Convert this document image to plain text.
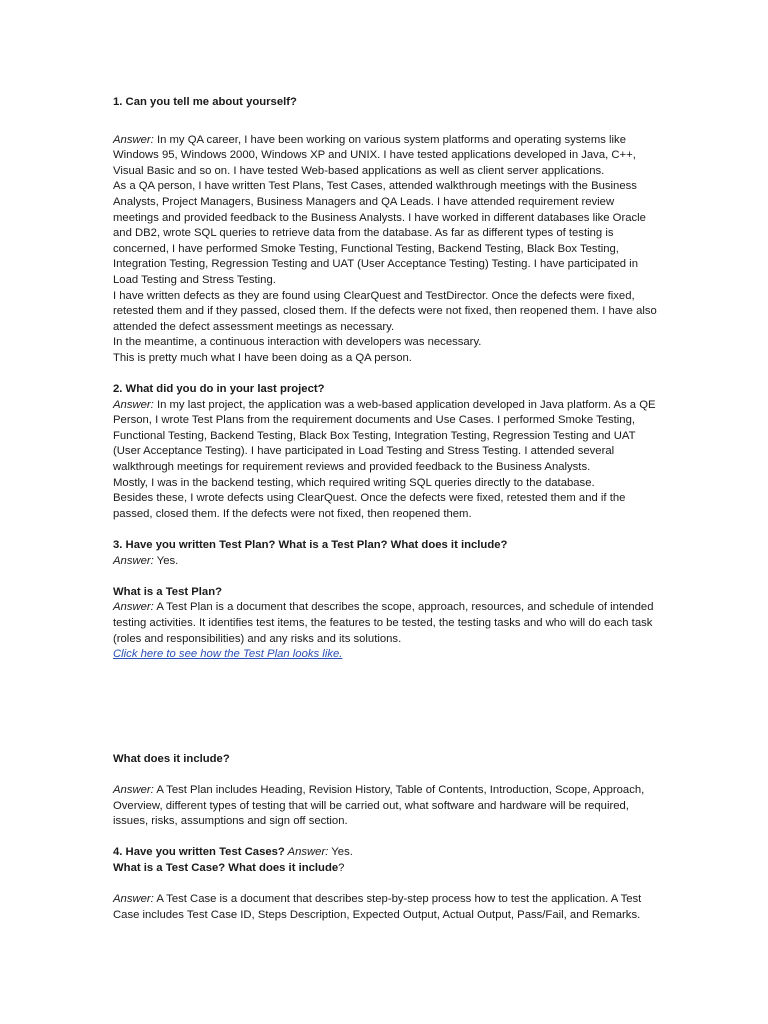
1. Can you tell me about yourself?

Answer: In my QA career, I have been working on various system platforms and operating systems like Windows 95, Windows 2000, Windows XP and UNIX. I have tested applications developed in Java, C++, Visual Basic and so on. I have tested Web-based applications as well as client server applications.

As a QA person, I have written Test Plans, Test Cases, attended walkthrough meetings with the Business Analysts, Project Managers, Business Managers and QA Leads. I have attended requirement review meetings and provided feedback to the Business Analysts. I have worked in different databases like Oracle and DB2, wrote SQL queries to retrieve data from the database. As far as different types of testing is concerned, I have performed Smoke Testing, Functional Testing, Backend Testing, Black Box Testing, Integration Testing, Regression Testing and UAT (User Acceptance Testing) Testing. I have participated in Load Testing and Stress Testing.

I have written defects as they are found using ClearQuest and TestDirector. Once the defects were fixed, retested them and if they passed, closed them. If the defects were not fixed, then reopened them. I have also attended the defect assessment meetings as necessary.

In the meantime, a continuous interaction with developers was necessary.

This is pretty much what I have been doing as a QA person.

2. What did you do in your last project?

Answer: In my last project, the application was a web-based application developed in Java platform. As a QE Person, I wrote Test Plans from the requirement documents and Use Cases. I performed Smoke Testing, Functional Testing, Backend Testing, Black Box Testing, Integration Testing, Regression Testing and UAT (User Acceptance Testing). I have participated in Load Testing and Stress Testing. I attended several walkthrough meetings for requirement reviews and provided feedback to the Business Analysts.

Mostly, I was in the backend testing, which required writing SQL queries directly to the database.

Besides these, I wrote defects using ClearQuest. Once the defects were fixed, retested them and if the passed, closed them. If the defects were not fixed, then reopened them.

3. Have you written Test Plan? What is a Test Plan? What does it include?

Answer: Yes.

What is a Test Plan?

Answer: A Test Plan is a document that describes the scope, approach, resources, and schedule of intended testing activities. It identifies test items, the features to be tested, the testing tasks and who will do each task (roles and responsibilities) and any risks and its solutions.

Click here to see how the Test Plan looks like.

What does it include?

Answer: A Test Plan includes Heading, Revision History, Table of Contents, Introduction, Scope, Approach, Overview, different types of testing that will be carried out, what software and hardware will be required, issues, risks, assumptions and sign off section.

4. Have you written Test Cases? Answer: Yes.

What is a Test Case? What does it include?

Answer: A Test Case is a document that describes step-by-step process how to test the application. A Test Case includes Test Case ID, Steps Description, Expected Output, Actual Output, Pass/Fail, and Remarks.
